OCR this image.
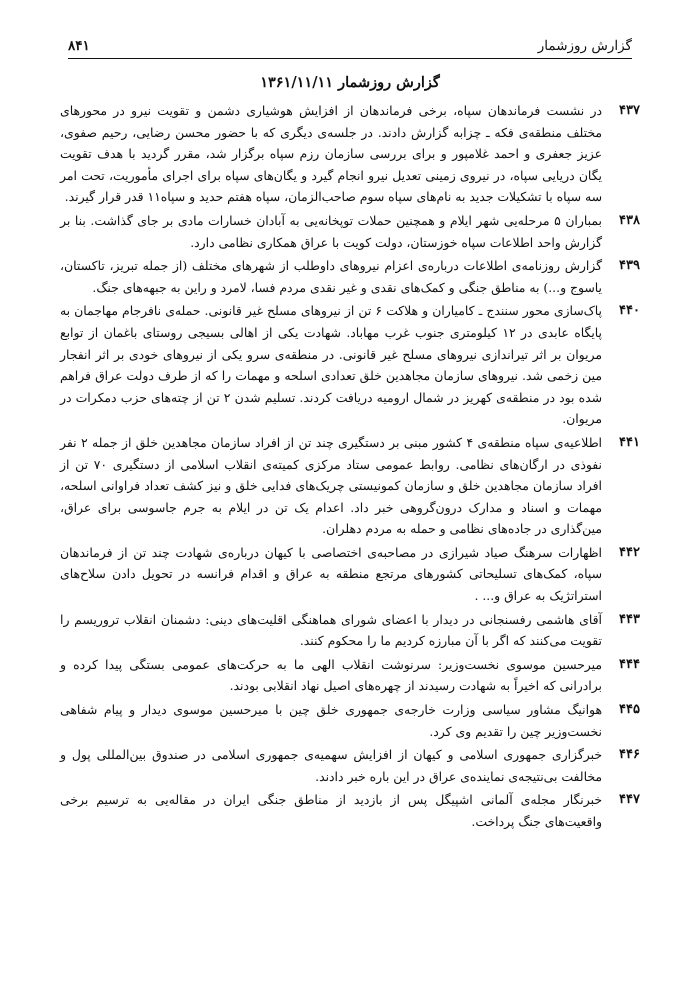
گزارش روزشمار
۸۴۱
گزارش روزشمار ۱۳۶۱/۱۱/۱۱
۴۳۷
در نشست فرماندهان سپاه، برخی فرماندهان از افزایش هوشیاری دشمن و تقویت نیرو در محورهای مختلف منطقه‌ی فکه ـ چزابه گزارش دادند. در جلسه‌ی دیگری که با حضور محسن رضایی، رحیم صفوی، عزیز جعفری و احمد غلامپور و برای بررسی سازمان رزم سپاه برگزار شد، مقرر گردید با هدف تقویت یگان دریایی سپاه، در نیروی زمینی تعدیل نیرو انجام گیرد و یگان‌های سپاه برای اجرای مأموریت، تحت امر سه سپاه با تشکیلات جدید به نام‌های سپاه سوم صاحب‌الزمان، سپاه هفتم حدید و سپاه۱۱ قدر قرار گیرند.
۴۳۸
بمباران ۵ مرحله‌یی شهر ایلام و همچنین حملات توپخانه‌یی به آبادان خسارات مادی بر جای گذاشت. بنا بر گزارش واحد اطلاعات سپاه خوزستان، دولت کویت با عراق همکاری نظامی دارد.
۴۳۹
گزارش روزنامه‌ی اطلاعات درباره‌ی اعزام نیروهای داوطلب از شهرهای مختلف (از جمله تبریز، تاکستان، یاسوج و...) به مناطق جنگی و کمک‌های نقدی و غیر نقدی مردم فسا، لامرد و راین به جبهه‌های جنگ.
۴۴۰
پاک‌سازی محور سنندج ـ کامیاران و هلاکت ۶ تن از نیروهای مسلح غیر قانونی. حمله‌ی نافرجام مهاجمان به پایگاه عابدی در ۱۲ کیلومتری جنوب غرب مهاباد. شهادت یکی از اهالی بسیجی روستای باغمان از توابع مریوان بر اثر تیراندازی نیروهای مسلح غیر قانونی. در منطقه‌ی سرو یکی از نیروهای خودی بر اثر انفجار مین زخمی شد. نیروهای سازمان مجاهدین خلق تعدادی اسلحه و مهمات را که از طرف دولت عراق فراهم شده بود در منطقه‌ی کهریز در شمال ارومیه دریافت کردند. تسلیم شدن ۲ تن از چته‌های حزب دمکرات در مریوان.
۴۴۱
اطلاعیه‌ی سپاه منطقه‌ی ۴ کشور مبنی بر دستگیری چند تن از افراد سازمان مجاهدین خلق از جمله ۲ نفر نفوذی در ارگان‌های نظامی. روابط عمومی ستاد مرکزی کمیته‌ی انقلاب اسلامی از دستگیری ۷۰ تن از افراد سازمان مجاهدین خلق و سازمان کمونیستی چریک‌های فدایی خلق و نیز کشف تعداد فراوانی اسلحه، مهمات و اسناد و مدارک درون‌گروهی خبر داد. اعدام یک تن در ایلام به جرم جاسوسی برای عراق، مین‌گذاری در جاده‌های نظامی و حمله به مردم دهلران.
۴۴۲
اظهارات سرهنگ صیاد شیرازی در مصاحبه‌ی اختصاصی با کیهان درباره‌ی شهادت چند تن از فرماندهان سپاه، کمک‌های تسلیحاتی کشورهای مرتجع منطقه به عراق و اقدام فرانسه در تحویل دادن سلاح‌های استراتژیک به عراق و... .
۴۴۳
آقای هاشمی رفسنجانی در دیدار با اعضای شورای هماهنگی اقلیت‌های دینی: دشمنان انقلاب تروریسم را تقویت می‌کنند که اگر با آن مبارزه کردیم ما را محکوم کنند.
۴۴۴
میرحسین موسوی نخست‌وزیر: سرنوشت انقلاب الهی ما به حرکت‌های عمومی بستگی پیدا کرده و برادرانی که اخیراً به شهادت رسیدند از چهره‌های اصیل نهاد انقلابی بودند.
۴۴۵
هوانیگ مشاور سیاسی وزارت خارجه‌ی جمهوری خلق چین با میرحسین موسوی دیدار و پیام شفاهی نخست‌وزیر چین را تقدیم وی کرد.
۴۴۶
خبرگزاری جمهوری اسلامی و کیهان از افزایش سهمیه‌ی جمهوری اسلامی در صندوق بین‌المللی پول و مخالفت بی‌نتیجه‌ی نماینده‌ی عراق در این باره خبر دادند.
۴۴۷
خبرنگار مجله‌ی آلمانی اشپیگل پس از بازدید از مناطق جنگی ایران در مقاله‌یی به ترسیم برخی واقعیت‌های جنگ پرداخت.
